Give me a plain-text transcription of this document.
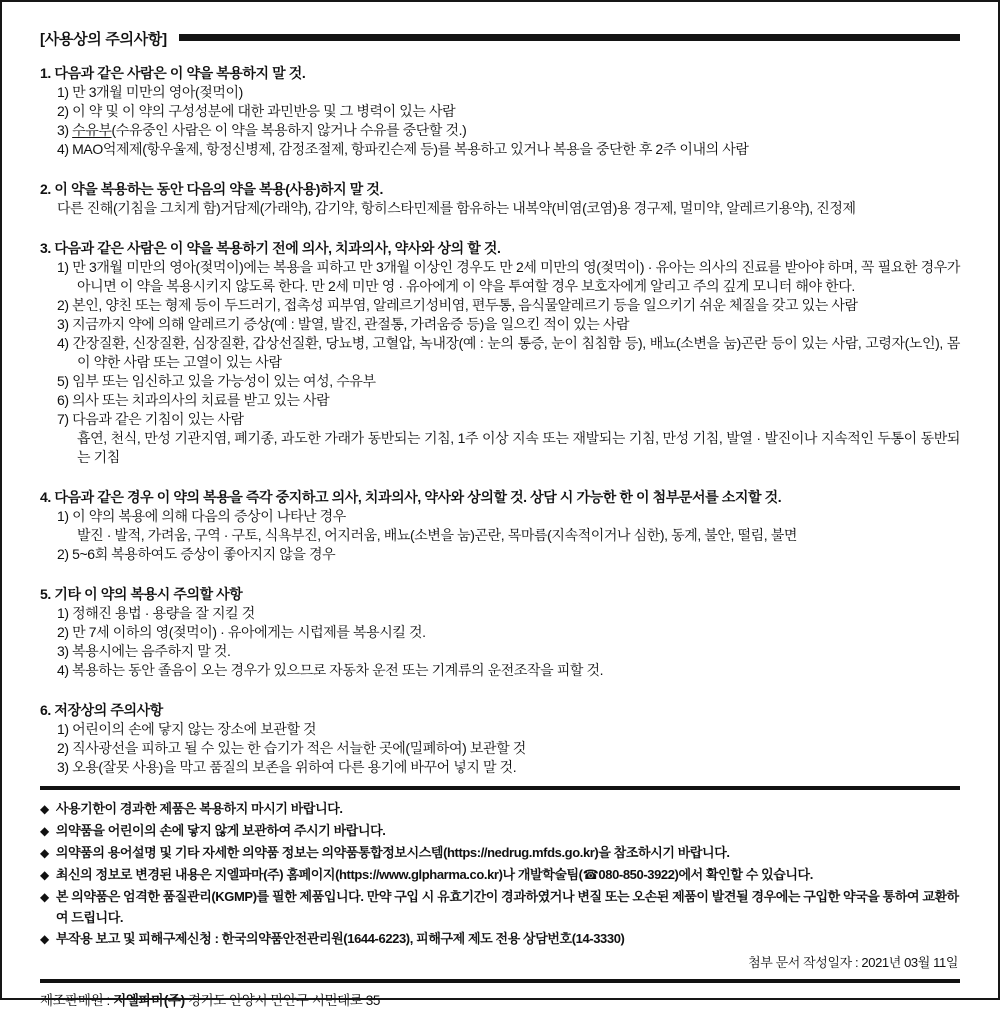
[사용상의 주의사항]
1. 다음과 같은 사람은 이 약을 복용하지 말 것.
1) 만 3개월 미만의 영아(젖먹이)
2) 이 약 및 이 약의 구성성분에 대한 과민반응 및 그 병력이 있는 사람
3) 수유부(수유중인 사람은 이 약을 복용하지 않거나 수유를 중단할 것.)
4) MAO억제제(항우울제, 항정신병제, 감정조절제, 항파킨슨제 등)를 복용하고 있거나 복용을 중단한 후 2주 이내의 사람
2. 이 약을 복용하는 동안 다음의 약을 복용(사용)하지 말 것.
다른 진해(기침을 그치게 함)거담제(가래약), 감기약, 항히스타민제를 함유하는 내복약(비염(코염)용 경구제, 멀미약, 알레르기용약), 진정제
3. 다음과 같은 사람은 이 약을 복용하기 전에 의사, 치과의사, 약사와 상의 할 것.
1) 만 3개월 미만의 영아(젖먹이)에는 복용을 피하고 만 3개월 이상인 경우도 만 2세 미만의 영(젖먹이) · 유아는 의사의 진료를 받아야 하며, 꼭 필요한 경우가 아니면 이 약을 복용시키지 않도록 한다. 만 2세 미만 영 · 유아에게 이 약을 투여할 경우 보호자에게 알리고 주의 깊게 모니터 해야 한다.
2) 본인, 양친 또는 형제 등이 두드러기, 접촉성 피부염, 알레르기성비염, 편두통, 음식물알레르기 등을 일으키기 쉬운 체질을 갖고 있는 사람
3) 지금까지 약에 의해 알레르기 증상(예 : 발열, 발진, 관절통, 가려움증 등)을 일으킨 적이 있는 사람
4) 간장질환, 신장질환, 심장질환, 갑상선질환, 당뇨병, 고혈압, 녹내장(예 : 눈의 통증, 눈이 침침함 등), 배뇨(소변을 눔)곤란 등이 있는 사람, 고령자(노인), 몸이 약한 사람 또는 고열이 있는 사람
5) 임부 또는 임신하고 있을 가능성이 있는 여성, 수유부
6) 의사 또는 치과의사의 치료를 받고 있는 사람
7) 다음과 같은 기침이 있는 사람
흡연, 천식, 만성 기관지염, 폐기종, 과도한 가래가 동반되는 기침, 1주 이상 지속 또는 재발되는 기침, 만성 기침, 발열 · 발진이나 지속적인 두통이 동반되는 기침
4. 다음과 같은 경우 이 약의 복용을 즉각 중지하고 의사, 치과의사, 약사와 상의할 것. 상담 시 가능한 한 이 첨부문서를 소지할 것.
1) 이 약의 복용에 의해 다음의 증상이 나타난 경우
발진 · 발적, 가려움, 구역 · 구토, 식욕부진, 어지러움, 배뇨(소변을 눔)곤란, 목마름(지속적이거나 심한), 동계, 불안, 떨림, 불면
2) 5~6회 복용하여도 증상이 좋아지지 않을 경우
5. 기타 이 약의 복용시 주의할 사항
1) 정해진 용법 · 용량을 잘 지킬 것
2) 만 7세 이하의 영(젖먹이) · 유아에게는 시럽제를 복용시킬 것.
3) 복용시에는 음주하지 말 것.
4) 복용하는 동안 졸음이 오는 경우가 있으므로 자동차 운전 또는 기계류의 운전조작을 피할 것.
6. 저장상의 주의사항
1) 어린이의 손에 닿지 않는 장소에 보관할 것
2) 직사광선을 피하고 될 수 있는 한 습기가 적은 서늘한 곳에(밀폐하여) 보관할 것
3) 오용(잘못 사용)을 막고 품질의 보존을 위하여 다른 용기에 바꾸어 넣지 말 것.
◆ 사용기한이 경과한 제품은 복용하지 마시기 바랍니다.
◆ 의약품을 어린이의 손에 닿지 않게 보관하여 주시기 바랍니다.
◆ 의약품의 용어설명 및 기타 자세한 의약품 정보는 의약품통합정보시스템(https://nedrug.mfds.go.kr)을 참조하시기 바랍니다.
◆ 최신의 정보로 변경된 내용은 지엘파마(주) 홈페이지(https://www.glpharma.co.kr)나 개발학술팀(☎080-850-3922)에서 확인할 수 있습니다.
◆ 본 의약품은 엄격한 품질관리(KGMP)를 필한 제품입니다. 만약 구입 시 유효기간이 경과하였거나 변질 또는 오손된 제품이 발견될 경우에는 구입한 약국을 통하여 교환하여 드립니다.
◆ 부작용 보고 및 피해구제신청 : 한국의약품안전관리원(1644-6223), 피해구제 제도 전용 상담번호(14-3330)
첨부 문서 작성일자 : 2021년 03월 11일
제조판매원 : 지엘파마(주) 경기도 안양시 만안구 시민대로 35
